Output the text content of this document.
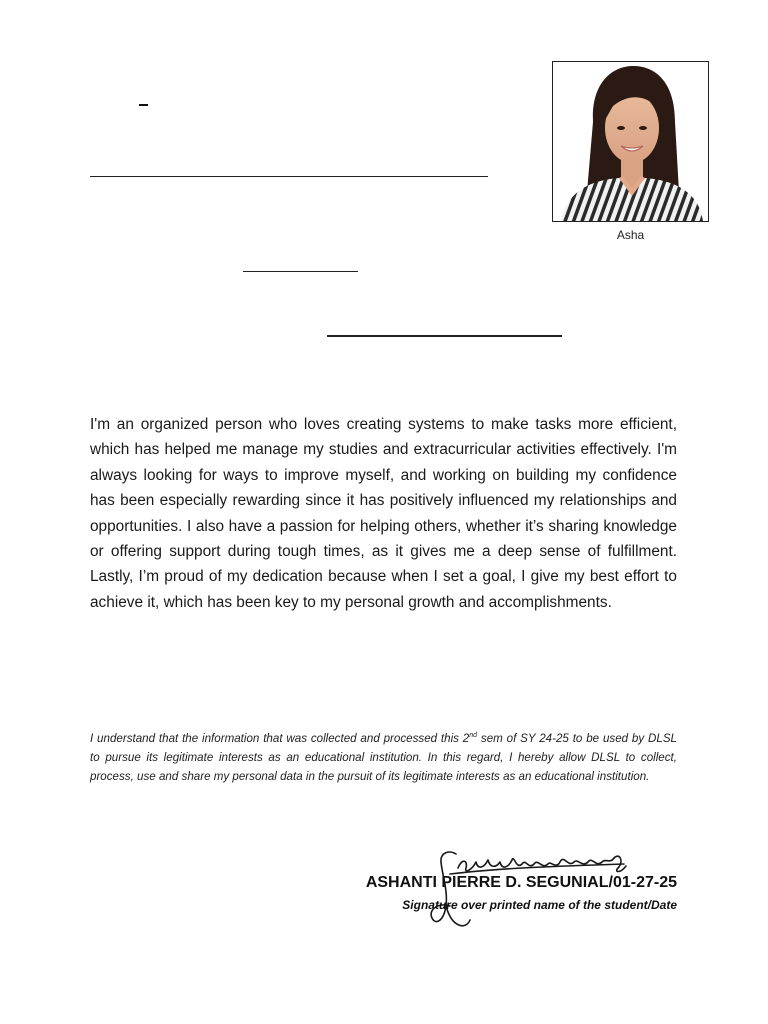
Asha

I'm an organized person who loves creating systems to make tasks more efficient, which has helped me manage my studies and extracurricular activities effectively. I'm always looking for ways to improve myself, and working on building my confidence has been especially rewarding since it has positively influenced my relationships and opportunities. I also have a passion for helping others, whether it’s sharing knowledge or offering support during tough times, as it gives me a deep sense of fulfillment. Lastly, I’m proud of my dedication because when I set a goal, I give my best effort to achieve it, which has been key to my personal growth and accomplishments.

I understand that the information that was collected and processed this 2nd sem of SY 24-25 to be used by DLSL to pursue its legitimate interests as an educational institution. In this regard, I hereby allow DLSL to collect, process, use and share my personal data in the pursuit of its legitimate interests as an educational institution.

ASHANTI PIERRE D. SEGUNIAL/01-27-25
Signature over printed name of the student/Date
